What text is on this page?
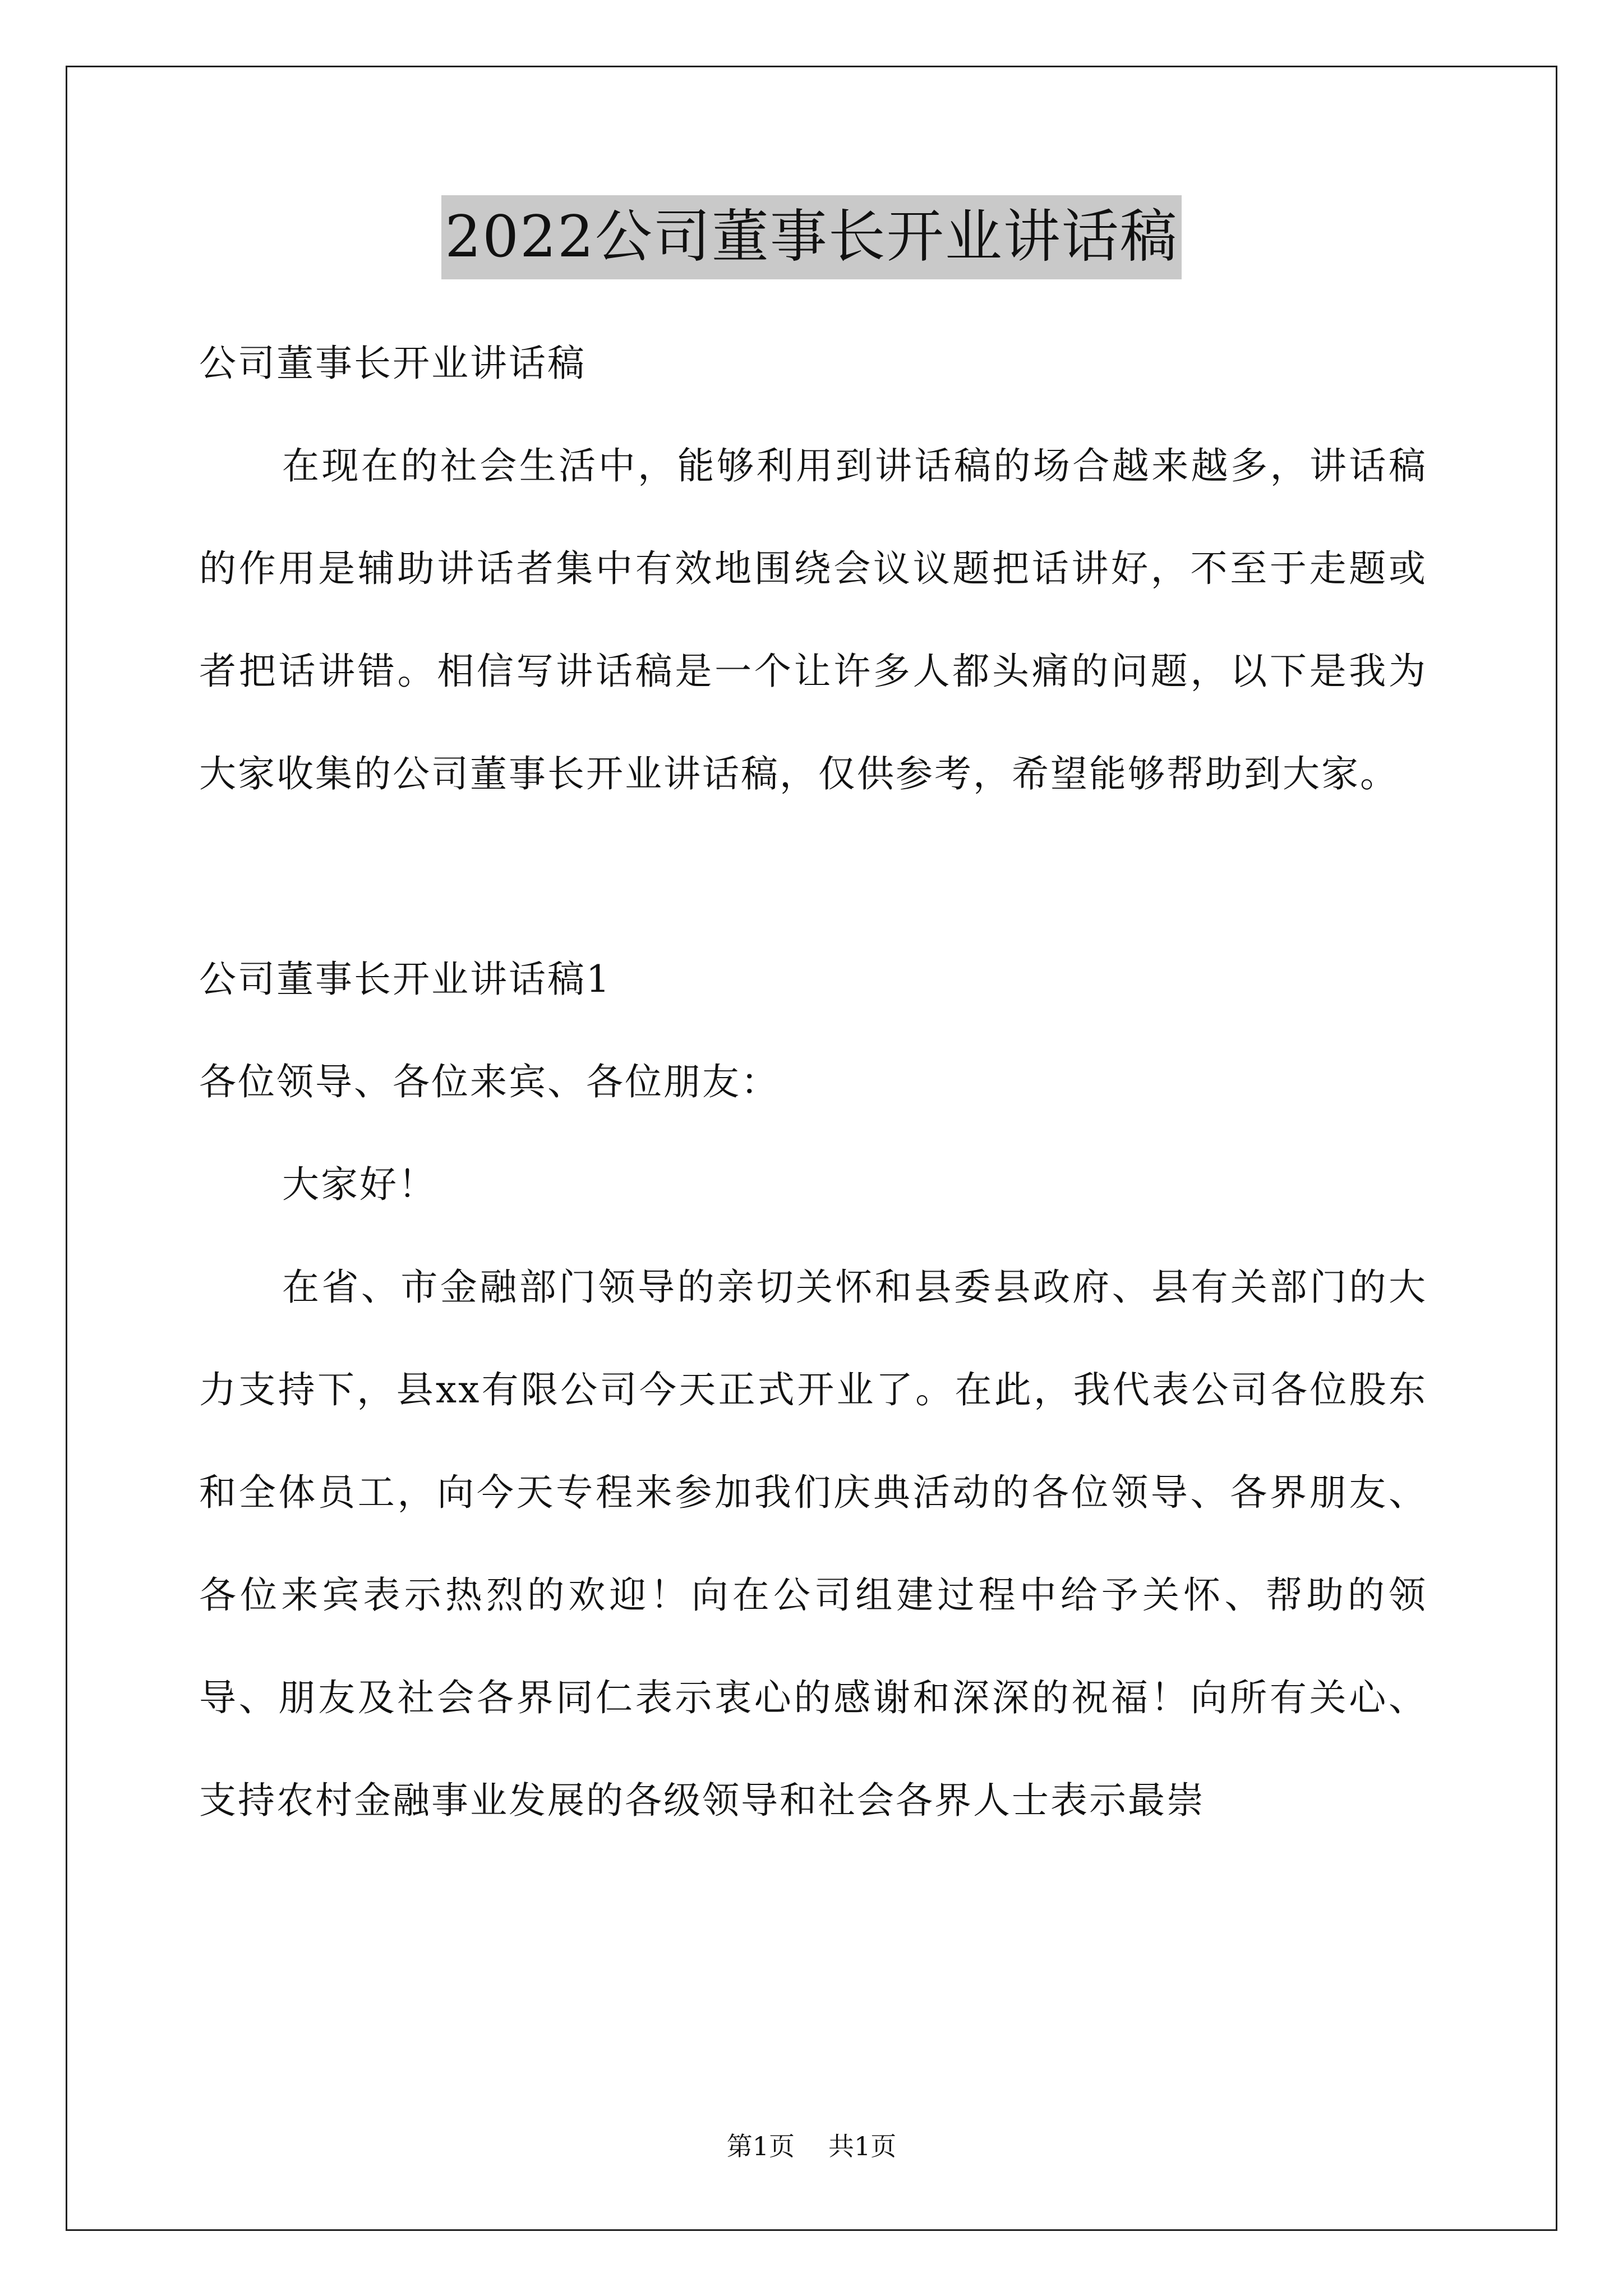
2022公司董事长开业讲话稿

公司董事长开业讲话稿

在现在的社会生活中，能够利用到讲话稿的场合越来越多，讲话稿的作用是辅助讲话者集中有效地围绕会议议题把话讲好，不至于走题或者把话讲错。相信写讲话稿是一个让许多人都头痛的问题，以下是我为大家收集的公司董事长开业讲话稿，仅供参考，希望能够帮助到大家。

公司董事长开业讲话稿1

各位领导、各位来宾、各位朋友：

大家好！

在省、市金融部门领导的亲切关怀和县委县政府、县有关部门的大力支持下，县xx有限公司今天正式开业了。在此，我代表公司各位股东和全体员工，向今天专程来参加我们庆典活动的各位领导、各界朋友、各位来宾表示热烈的欢迎！向在公司组建过程中给予关怀、帮助的领导、朋友及社会各界同仁表示衷心的感谢和深深的祝福！向所有关心、支持农村金融事业发展的各级领导和社会各界人士表示最崇

第1页 共1页
